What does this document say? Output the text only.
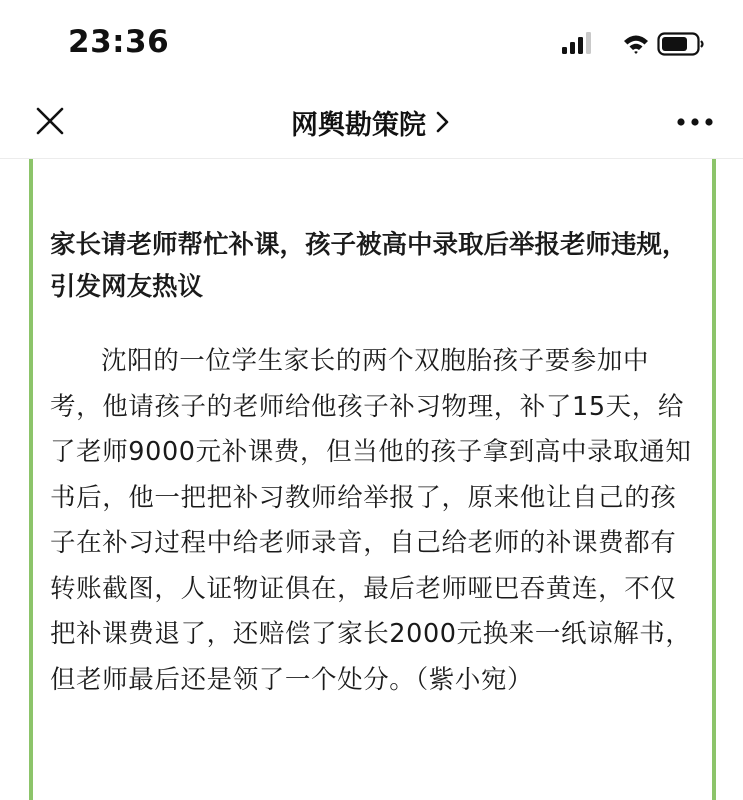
23:36
网舆勘策院
家长请老师帮忙补课，孩子被高中录取后举报老师违规，引发网友热议
沈阳的一位学生家长的两个双胞胎孩子要参加中考，他请孩子的老师给他孩子补习物理，补了15天，给了老师9000元补课费，但当他的孩子拿到高中录取通知书后，他一把把补习教师给举报了，原来他让自己的孩子在补习过程中给老师录音，自己给老师的补课费都有转账截图，人证物证俱在，最后老师哑巴吞黄连，不仅把补课费退了，还赔偿了家长2000元换来一纸谅解书，但老师最后还是领了一个处分。（紫小宛）
